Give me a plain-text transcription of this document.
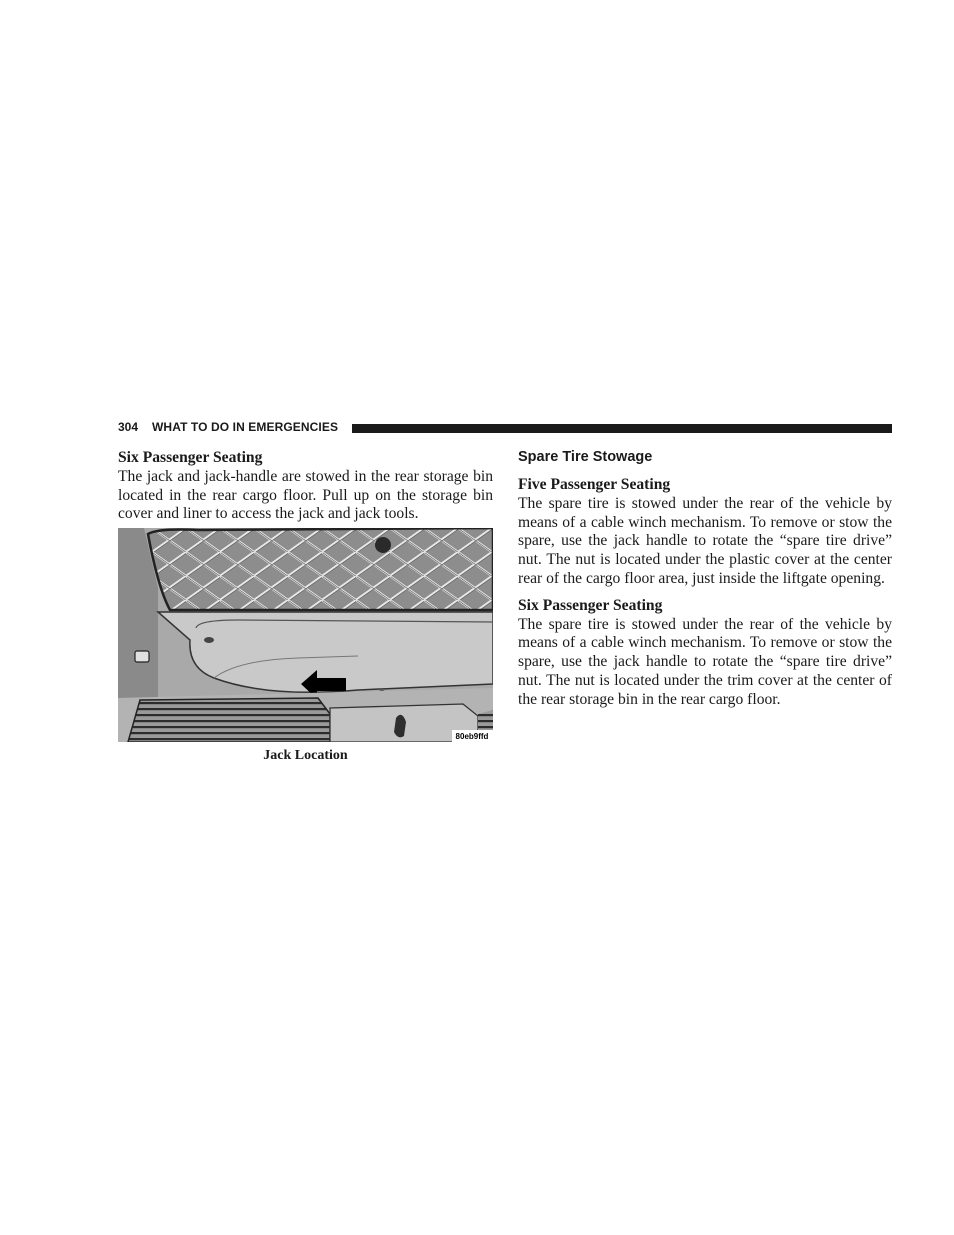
304 WHAT TO DO IN EMERGENCIES

Six Passenger Seating

The jack and jack-handle are stowed in the rear storage bin located in the rear cargo floor. Pull up on the storage bin cover and liner to access the jack and jack tools.

80eb9ffd
Jack Location

Spare Tire Stowage

Five Passenger Seating

The spare tire is stowed under the rear of the vehicle by means of a cable winch mechanism. To remove or stow the spare, use the jack handle to rotate the “spare tire drive” nut. The nut is located under the plastic cover at the center rear of the cargo floor area, just inside the liftgate opening.

Six Passenger Seating

The spare tire is stowed under the rear of the vehicle by means of a cable winch mechanism. To remove or stow the spare, use the jack handle to rotate the “spare tire drive” nut. The nut is located under the trim cover at the center of the rear storage bin in the rear cargo floor.
